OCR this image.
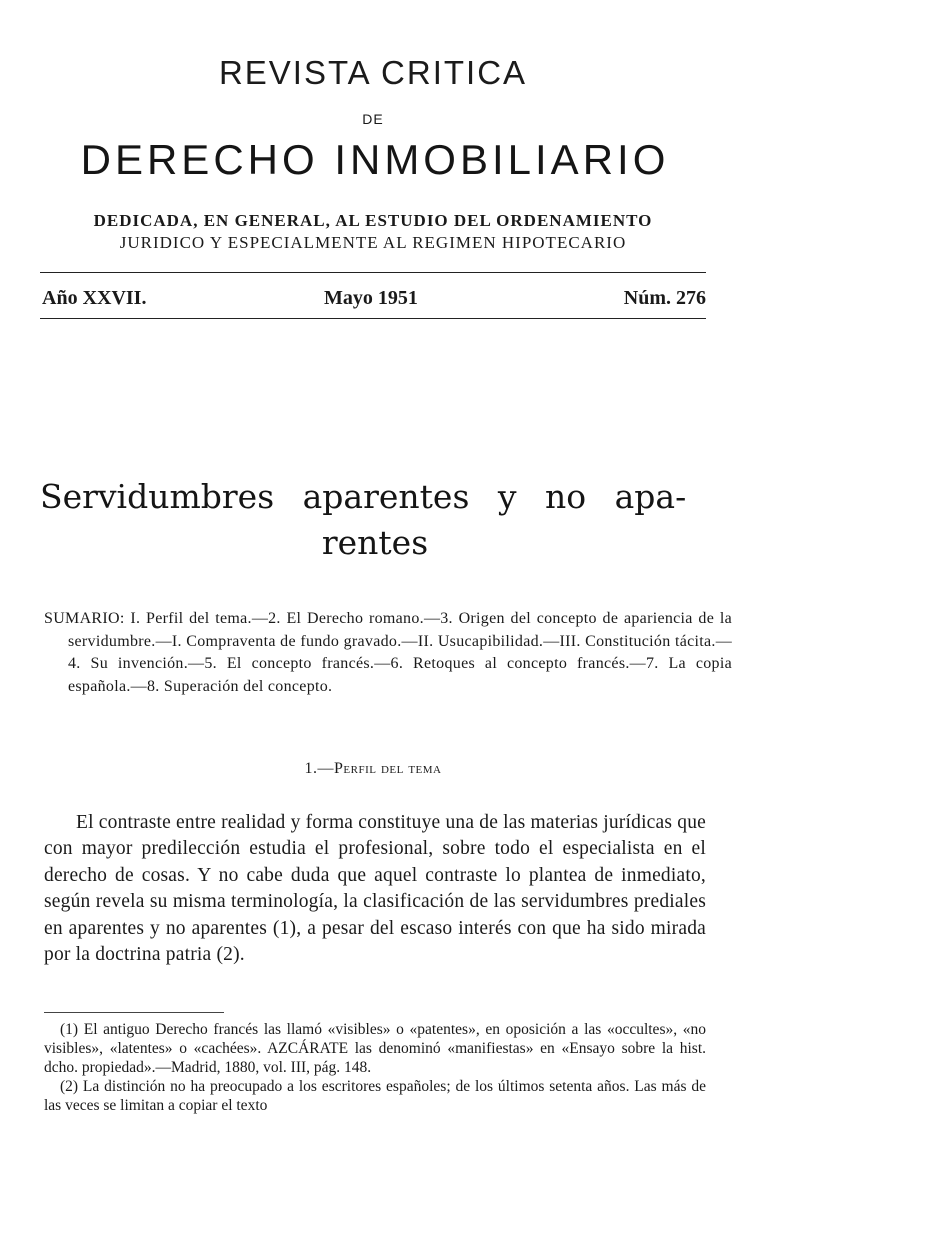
REVISTA CRITICA
DE
DERECHO INMOBILIARIO
DEDICADA, EN GENERAL, AL ESTUDIO DEL ORDENAMIENTO
JURIDICO Y ESPECIALMENTE AL REGIMEN HIPOTECARIO
Año XXVII.	Mayo 1951	Núm. 276
Servidumbres aparentes y no apa-
rentes
SUMARIO: I. Perfil del tema.—2. El Derecho romano.—3. Origen del concepto de apariencia de la servidumbre.—I. Compraventa de fundo gravado.—II. Usucapibilidad.—III. Constitución tácita.— 4. Su invención.—5. El concepto francés.—6. Retoques al concepto francés.—7. La copia española.—8. Superación del concepto.
1.—Perfil del tema
El contraste entre realidad y forma constituye una de las materias jurídicas que con mayor predilección estudia el profesional, sobre todo el especialista en el derecho de cosas. Y no cabe duda que aquel contraste lo plantea de inmediato, según revela su misma terminología, la clasificación de las servidumbres prediales en aparentes y no aparentes (1), a pesar del escaso interés con que ha sido mirada por la doctrina patria (2).

(1) El antiguo Derecho francés las llamó «visibles» o «patentes», en oposición a las «occultes», «no visibles», «latentes» o «cachées». AZCÁRATE las denominó «manifiestas» en «Ensayo sobre la hist. dcho. propiedad».—Madrid, 1880, vol. III, pág. 148.

(2) La distinción no ha preocupado a los escritores españoles; de los últimos setenta años. Las más de las veces se limitan a copiar el texto
